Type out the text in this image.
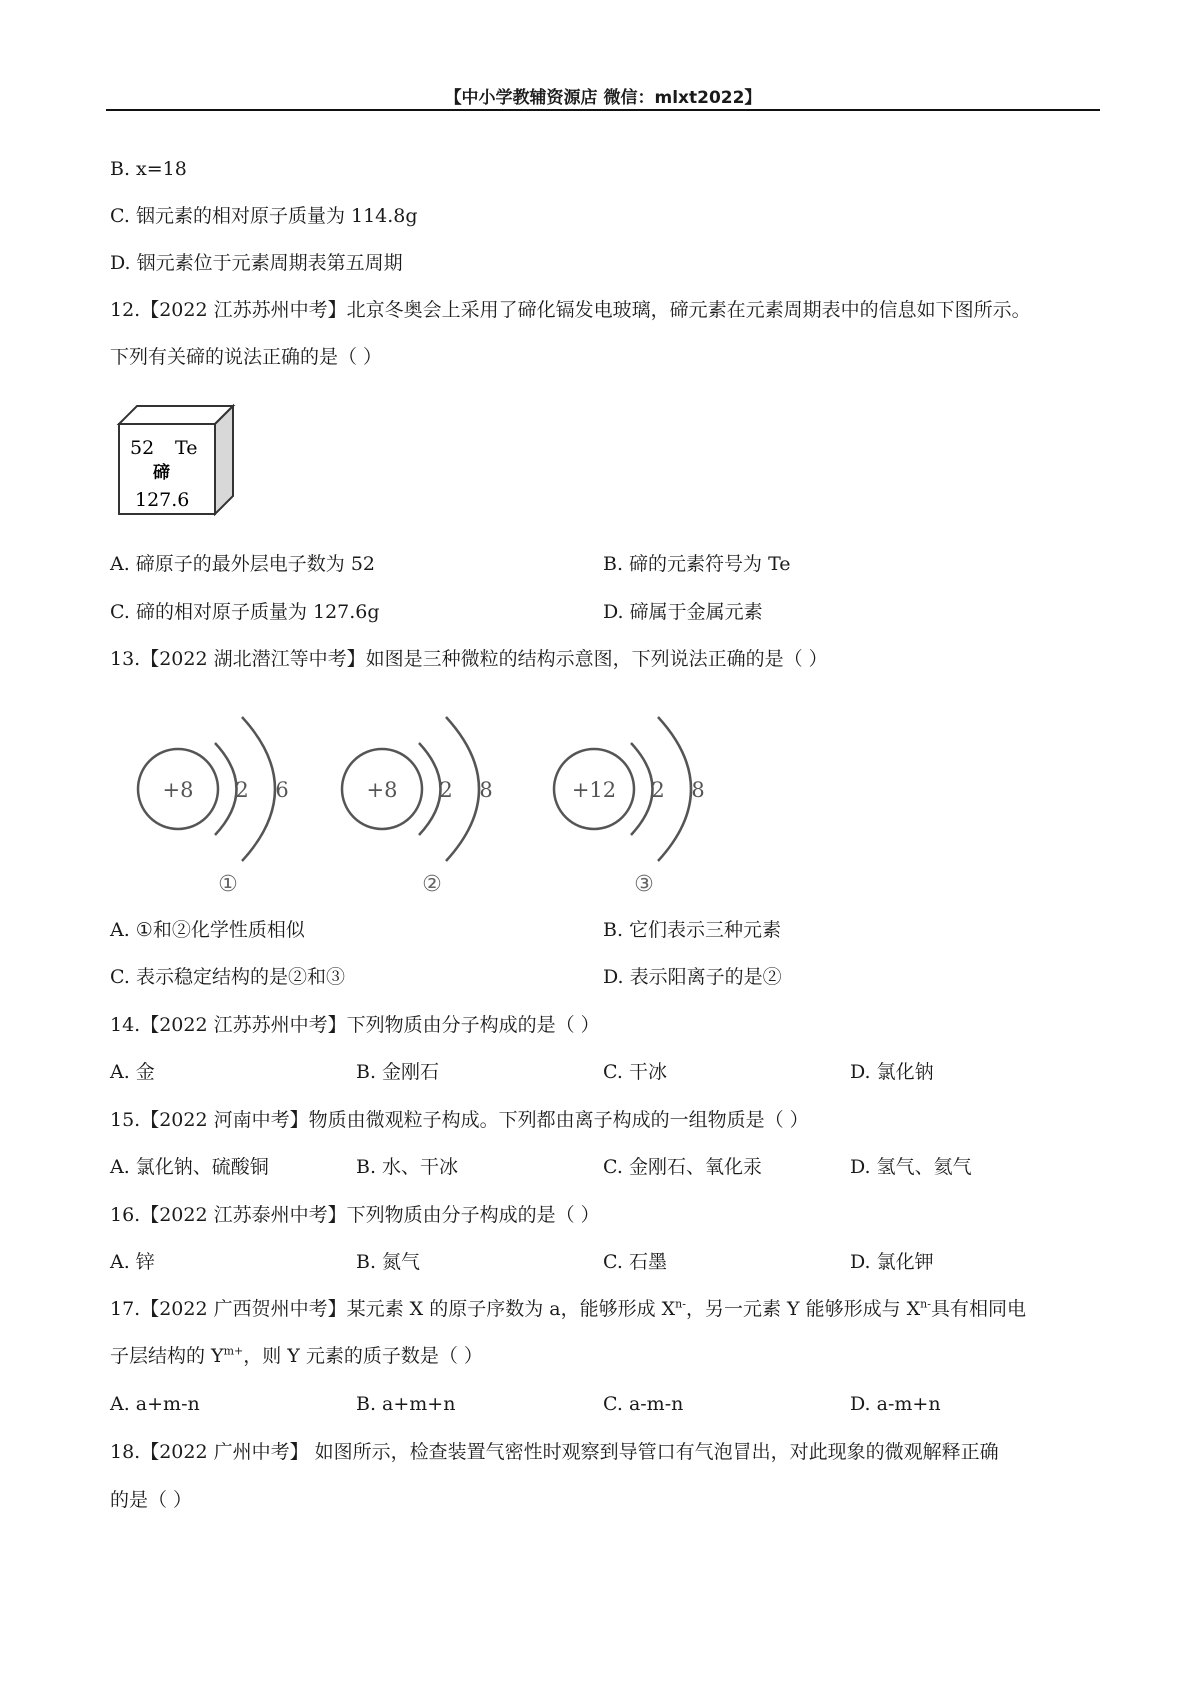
【中小学教辅资源店 微信：mlxt2022】
B. x=18
C. 铟元素的相对原子质量为 114.8g
D. 铟元素位于元素周期表第五周期
12.【2022 江苏苏州中考】北京冬奥会上采用了碲化镉发电玻璃，碲元素在元素周期表中的信息如下图所示。
下列有关碲的说法正确的是（ ）
52 Te
碲
127.6
A. 碲原子的最外层电子数为 52	B. 碲的元素符号为 Te
C. 碲的相对原子质量为 127.6g	D. 碲属于金属元素
13.【2022 湖北潜江等中考】如图是三种微粒的结构示意图，下列说法正确的是（ ）
+8 2 6
①
+8 2 8
②
+12 2 8
③
A. ①和②化学性质相似	B. 它们表示三种元素
C. 表示稳定结构的是②和③	D. 表示阳离子的是②
14.【2022 江苏苏州中考】下列物质由分子构成的是（ ）
A. 金	B. 金刚石	C. 干冰	D. 氯化钠
15.【2022 河南中考】物质由微观粒子构成。下列都由离子构成的一组物质是（ ）
A. 氯化钠、硫酸铜	B. 水、干冰	C. 金刚石、氧化汞	D. 氢气、氦气
16.【2022 江苏泰州中考】下列物质由分子构成的是（ ）
A. 锌	B. 氮气	C. 石墨	D. 氯化钾
17.【2022 广西贺州中考】某元素 X 的原子序数为 a，能够形成 $X^{n-}$，另一元素 Y 能够形成与 $X^{n-}$具有相同电
子层结构的 $Y^{m+}$，则 Y 元素的质子数是（ ）
A. a+m-n	B. a+m+n	C. a-m-n	D. a-m+n
18.【2022 广州中考】 如图所示，检查装置气密性时观察到导管口有气泡冒出，对此现象的微观解释正确
的是（ ）
